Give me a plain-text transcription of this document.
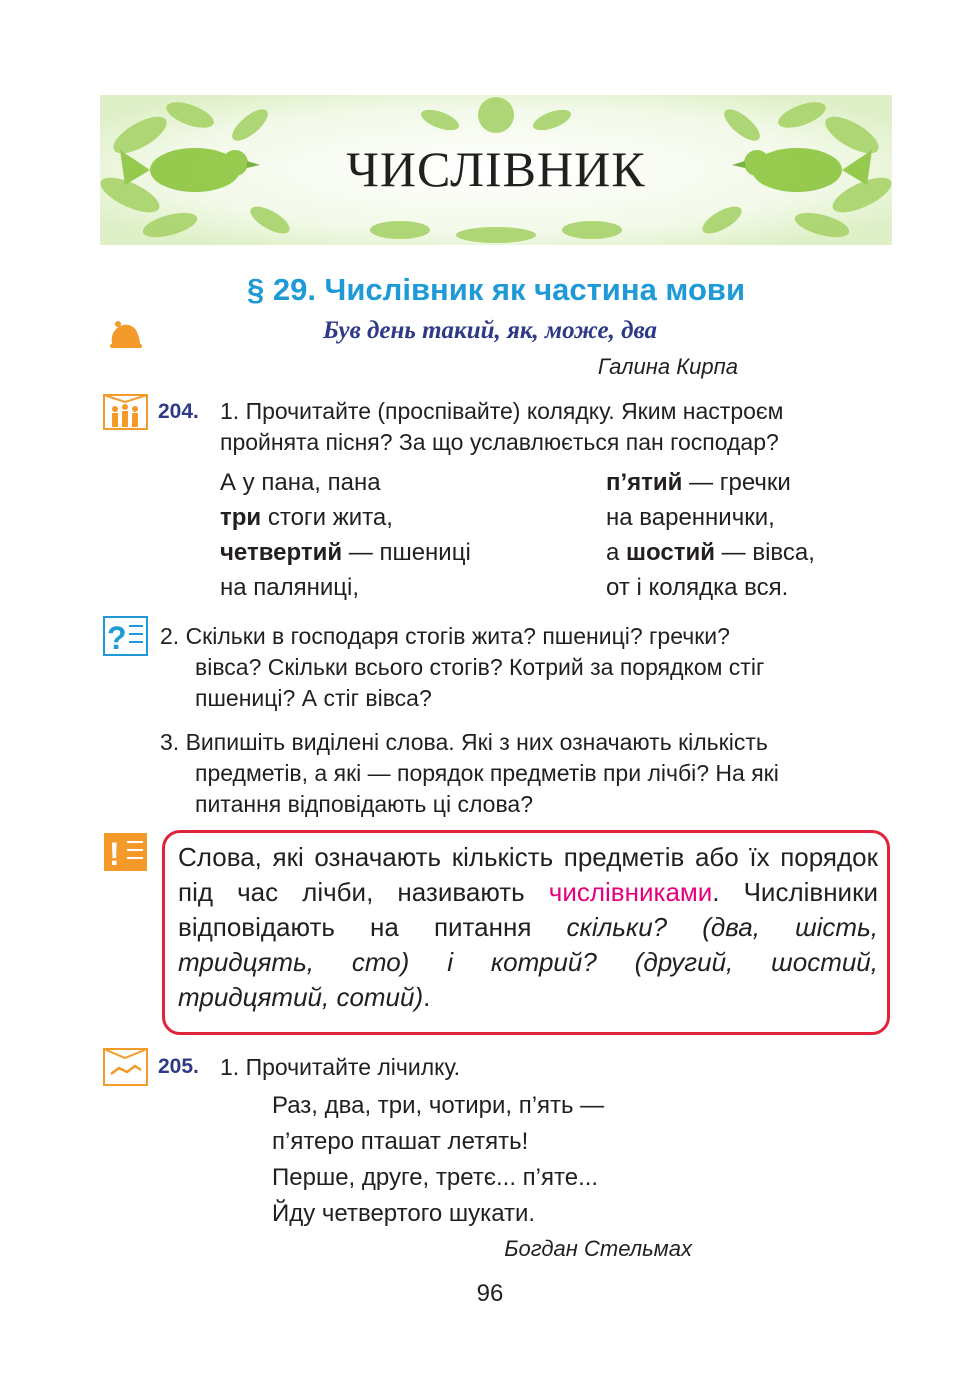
ЧИСЛІВНИК
§ 29. Числівник як частина мови
Був день такий, як, може, два
Галина Кирпа
204. 1. Прочитайте (проспівайте) колядку. Яким настроєм
пройнята пісня? За що уславлюється пан господар?
А у пана, пана
три стоги жита,
четвертий — пшениці
на паляниці,
п’ятий — гречки
на вареннички,
а шостий — вівса,
от і колядка вся.
? 2. Скільки в господаря стогів жита? пшениці? гречки?
вівса? Скільки всього стогів? Котрий за порядком стіг
пшениці? А стіг вівса?
3. Випишіть виділені слова. Які з них означають кількість
предметів, а які — порядок предметів при лічбі? На які
питання відповідають ці слова?
! Слова, які означають кількість предметів або їх порядок під час лічби, називають числівниками. Числівники відповідають на питання скільки? (два, шість, тридцять, сто) і котрий? (другий, шостий, тридцятий, сотий).
205. 1. Прочитайте лічилку.
Раз, два, три, чотири, п’ять —
п’ятеро пташат летять!
Перше, друге, третє... п’яте...
Йду четвертого шукати.
Богдан Стельмах
96
